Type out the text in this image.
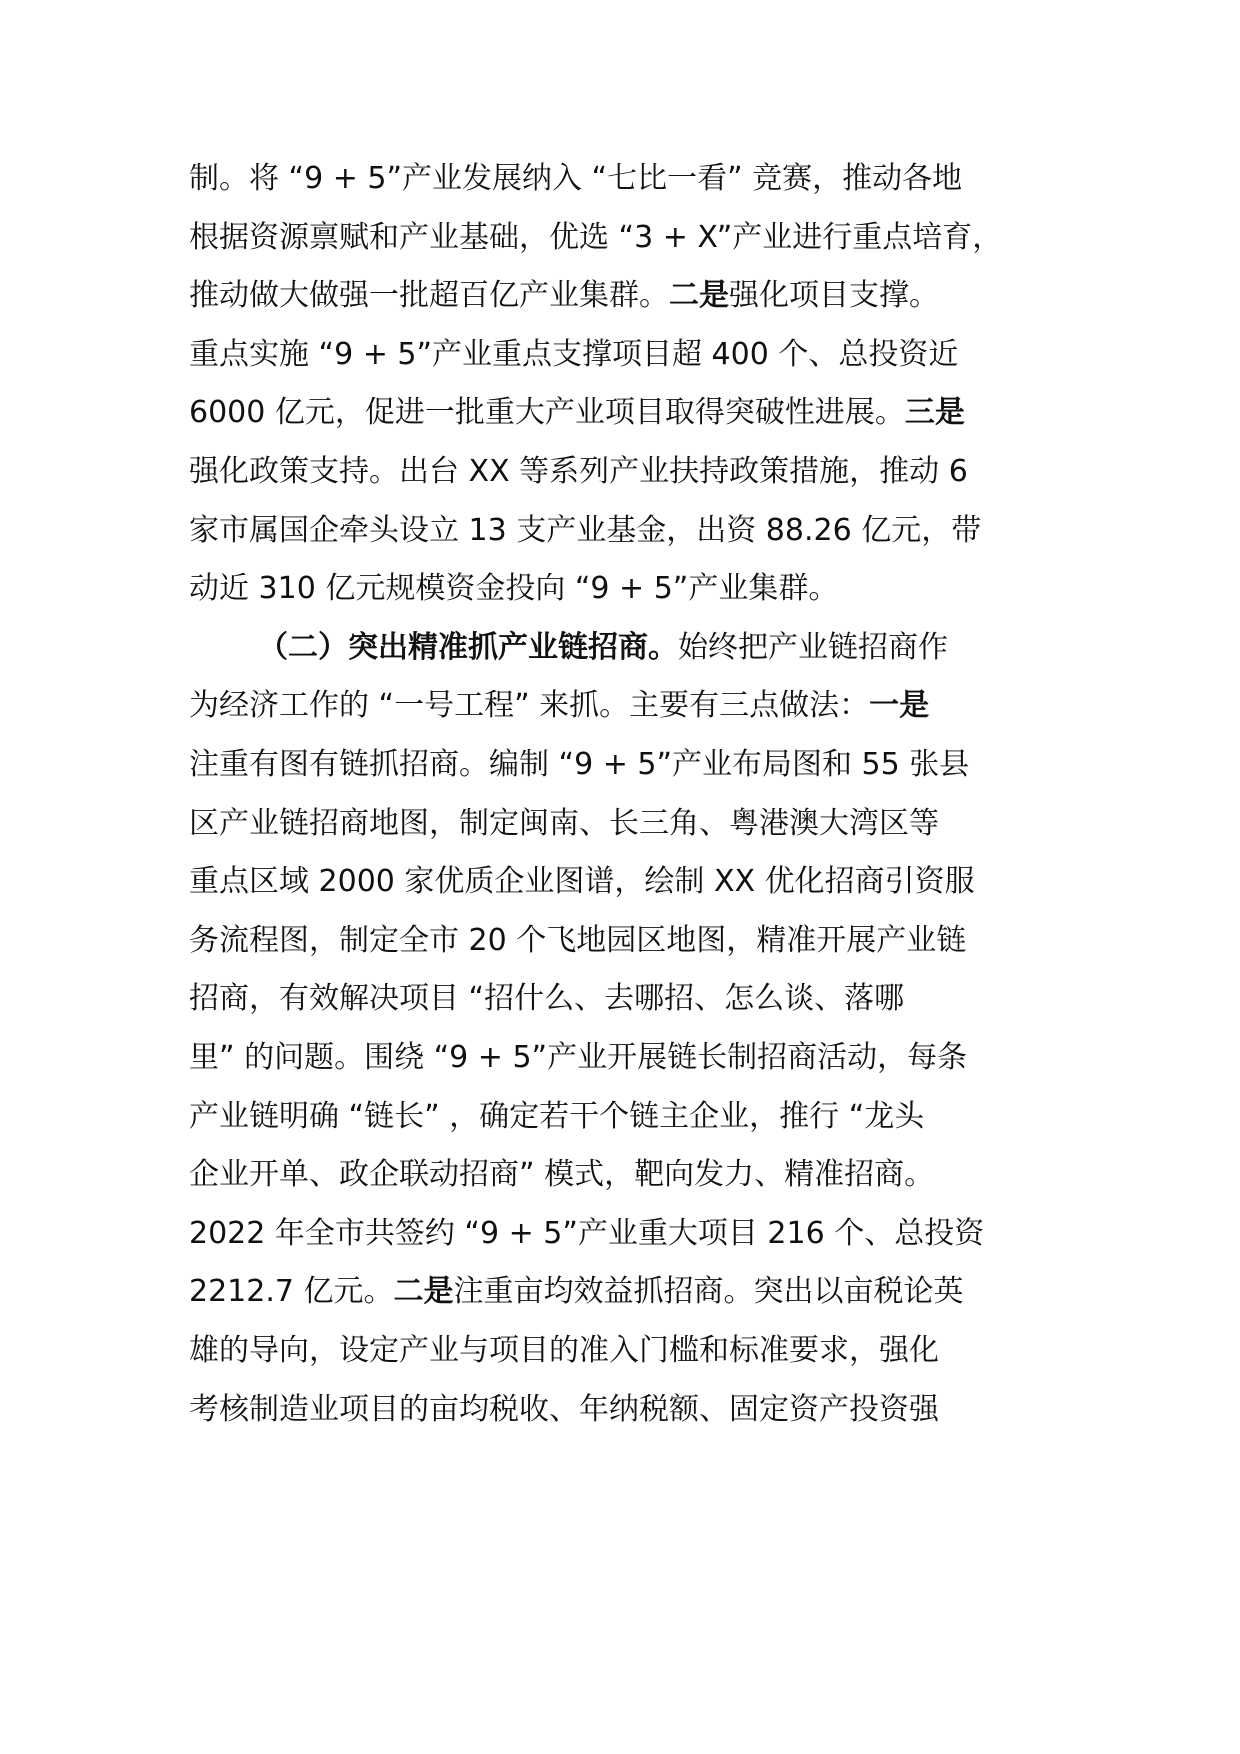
制。将 “9 + 5”产业发展纳入 “七比一看” 竞赛，推动各地
根据资源禀赋和产业基础，优选 “3 + X”产业进行重点培育，
推动做大做强一批超百亿产业集群。二是强化项目支撑。
重点实施 “9 + 5”产业重点支撑项目超 400 个、总投资近
6000 亿元，促进一批重大产业项目取得突破性进展。三是
强化政策支持。出台 XX 等系列产业扶持政策措施，推动 6
家市属国企牵头设立 13 支产业基金，出资 88.26 亿元，带
动近 310 亿元规模资金投向 “9 + 5”产业集群。
（二）突出精准抓产业链招商。始终把产业链招商作
为经济工作的 “一号工程” 来抓。主要有三点做法：一是
注重有图有链抓招商。编制 “9 + 5”产业布局图和 55 张县
区产业链招商地图，制定闽南、长三角、粤港澳大湾区等
重点区域 2000 家优质企业图谱，绘制 XX 优化招商引资服
务流程图，制定全市 20 个飞地园区地图，精准开展产业链
招商，有效解决项目 “招什么、去哪招、怎么谈、落哪
里” 的问题。围绕 “9 + 5”产业开展链长制招商活动，每条
产业链明确 “链长” ，确定若干个链主企业，推行 “龙头
企业开单、政企联动招商” 模式，靶向发力、精准招商。
2022 年全市共签约 “9 + 5”产业重大项目 216 个、总投资
2212.7 亿元。二是注重亩均效益抓招商。突出以亩税论英
雄的导向，设定产业与项目的准入门槛和标准要求，强化
考核制造业项目的亩均税收、年纳税额、固定资产投资强
